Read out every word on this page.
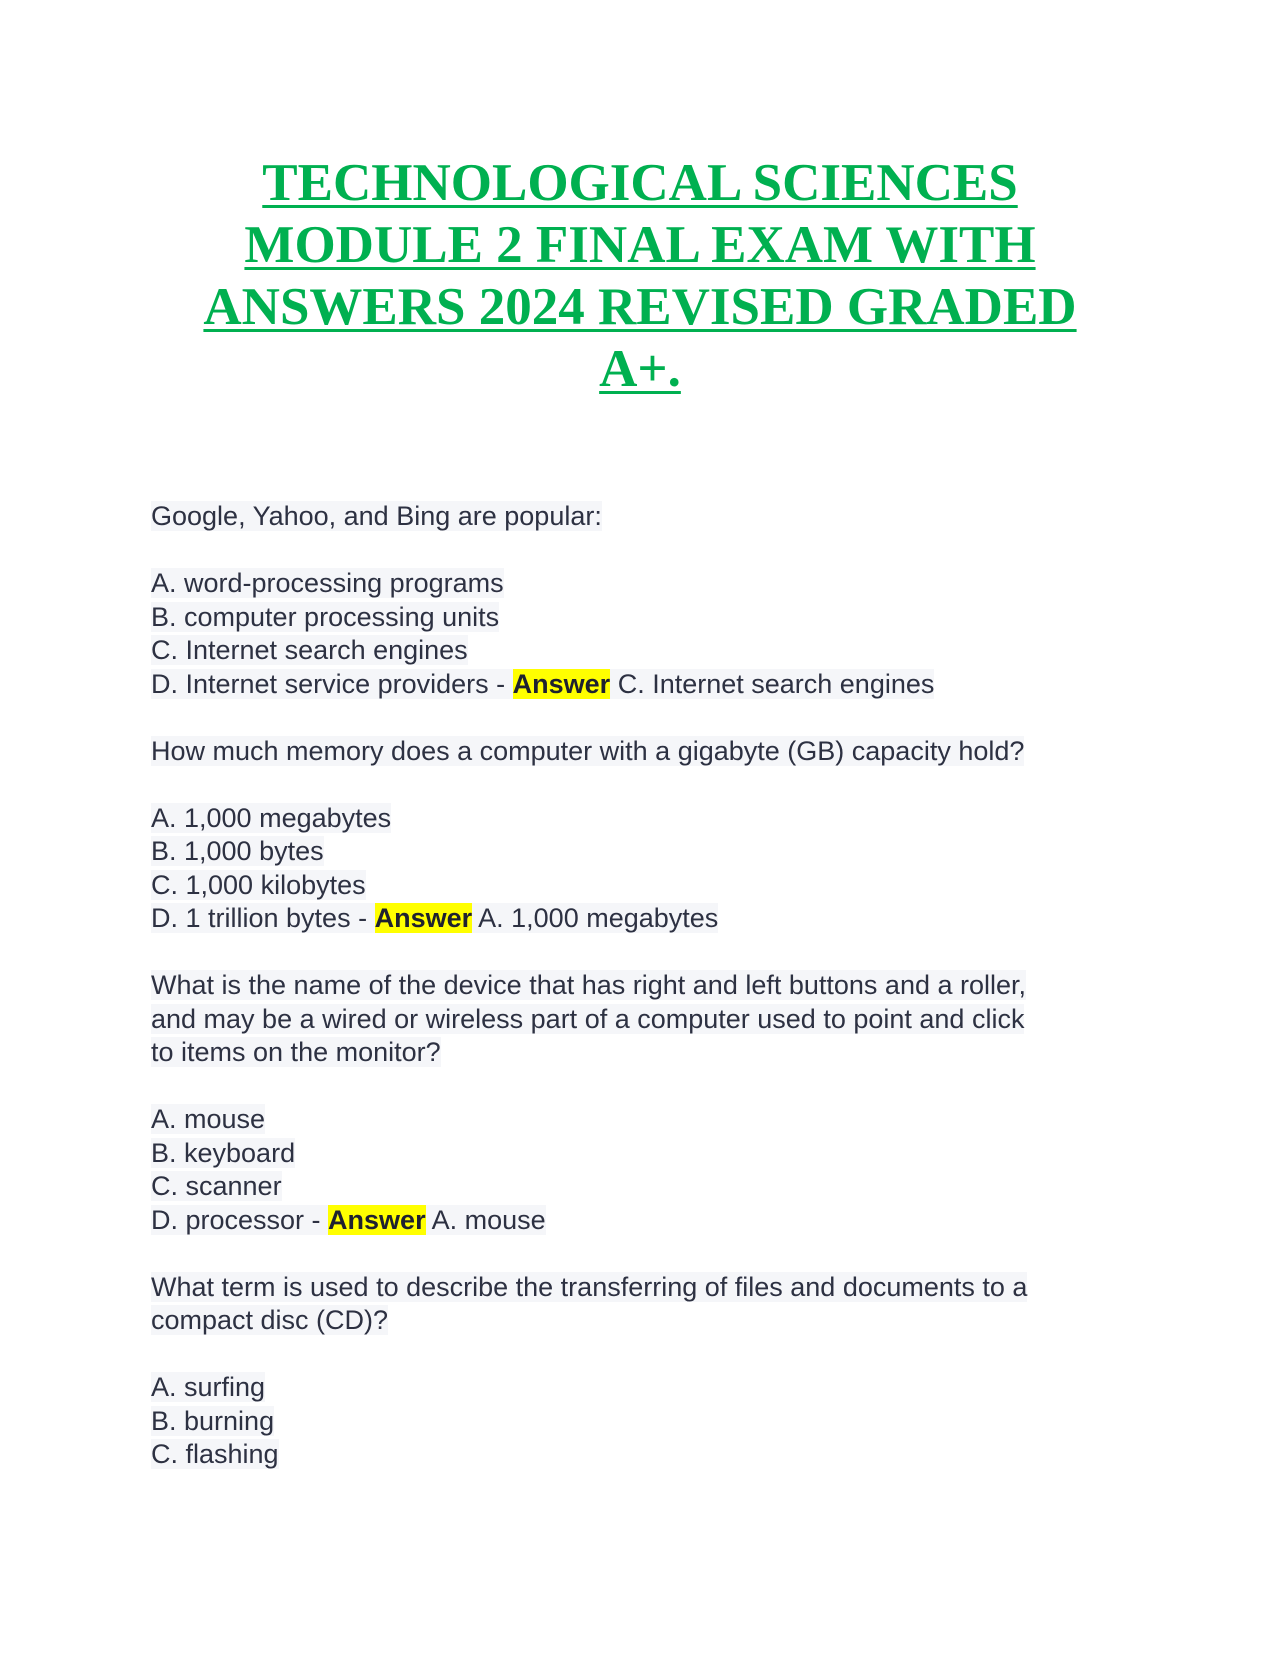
TECHNOLOGICAL SCIENCES
MODULE 2 FINAL EXAM WITH
ANSWERS 2024 REVISED GRADED
A+.
Google, Yahoo, and Bing are popular:
A. word-processing programs
B. computer processing units
C. Internet search engines
D. Internet service providers - Answer C. Internet search engines
How much memory does a computer with a gigabyte (GB) capacity hold?
A. 1,000 megabytes
B. 1,000 bytes
C. 1,000 kilobytes
D. 1 trillion bytes - Answer A. 1,000 megabytes
What is the name of the device that has right and left buttons and a roller,
and may be a wired or wireless part of a computer used to point and click
to items on the monitor?
A. mouse
B. keyboard
C. scanner
D. processor - Answer A. mouse
What term is used to describe the transferring of files and documents to a
compact disc (CD)?
A. surfing
B. burning
C. flashing
